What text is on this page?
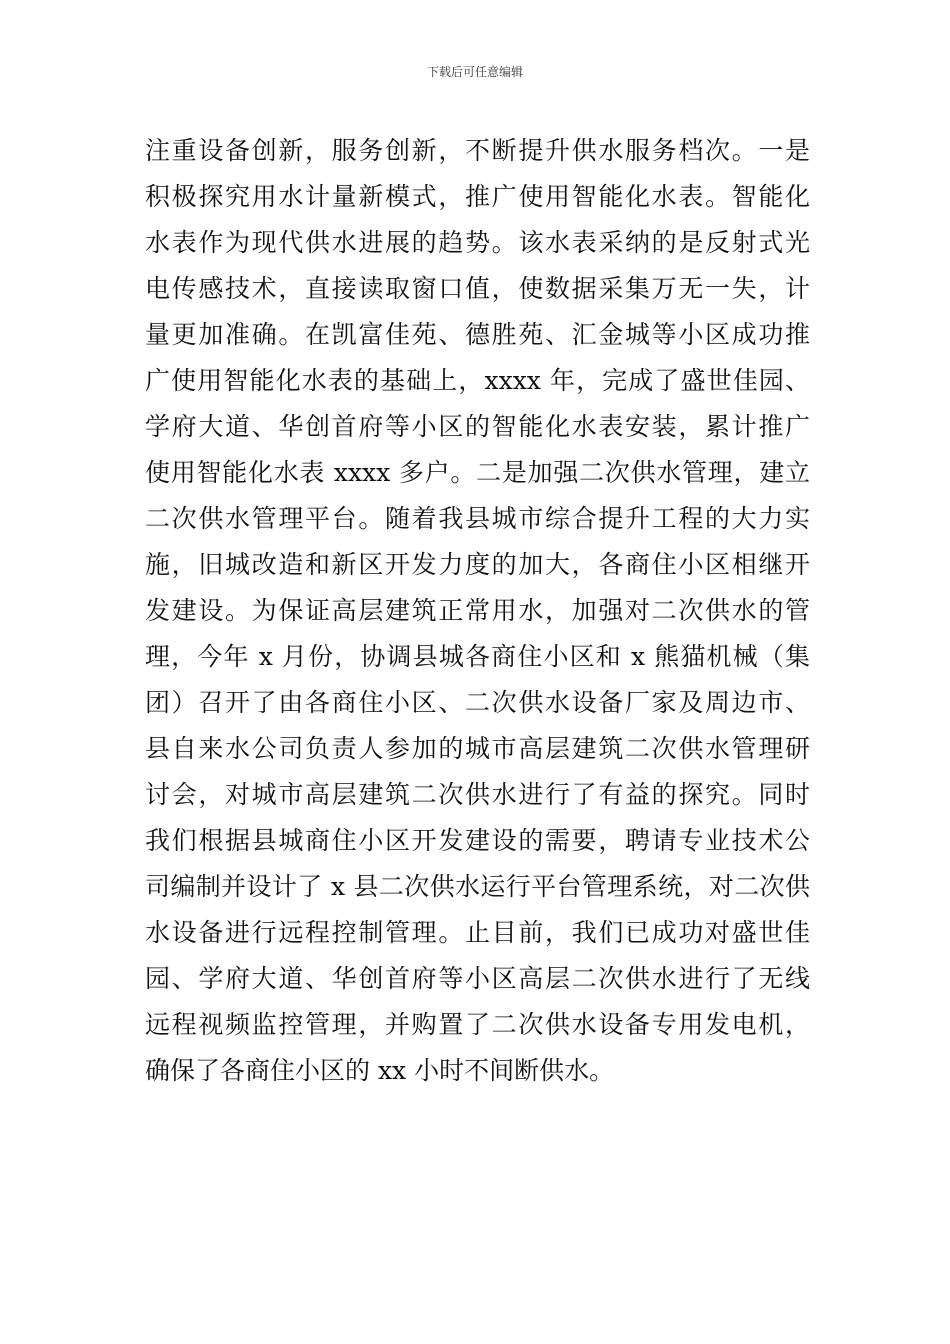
下载后可任意编辑
注重设备创新，服务创新，不断提升供水服务档次。一是
积极探究用水计量新模式，推广使用智能化水表。智能化
水表作为现代供水进展的趋势。该水表采纳的是反射式光
电传感技术，直接读取窗口值，使数据采集万无一失，计
量更加准确。在凯富佳苑、德胜苑、汇金城等小区成功推
广使用智能化水表的基础上，xxxx 年，完成了盛世佳园、
学府大道、华创首府等小区的智能化水表安装，累计推广
使用智能化水表 xxxx 多户。二是加强二次供水管理，建立
二次供水管理平台。随着我县城市综合提升工程的大力实
施，旧城改造和新区开发力度的加大，各商住小区相继开
发建设。为保证高层建筑正常用水，加强对二次供水的管
理，今年 x 月份，协调县城各商住小区和 x 熊猫机械（集
团）召开了由各商住小区、二次供水设备厂家及周边市、
县自来水公司负责人参加的城市高层建筑二次供水管理研
讨会，对城市高层建筑二次供水进行了有益的探究。同时
我们根据县城商住小区开发建设的需要，聘请专业技术公
司编制并设计了 x 县二次供水运行平台管理系统，对二次供
水设备进行远程控制管理。止目前，我们已成功对盛世佳
园、学府大道、华创首府等小区高层二次供水进行了无线
远程视频监控管理，并购置了二次供水设备专用发电机，
确保了各商住小区的 xx 小时不间断供水。
